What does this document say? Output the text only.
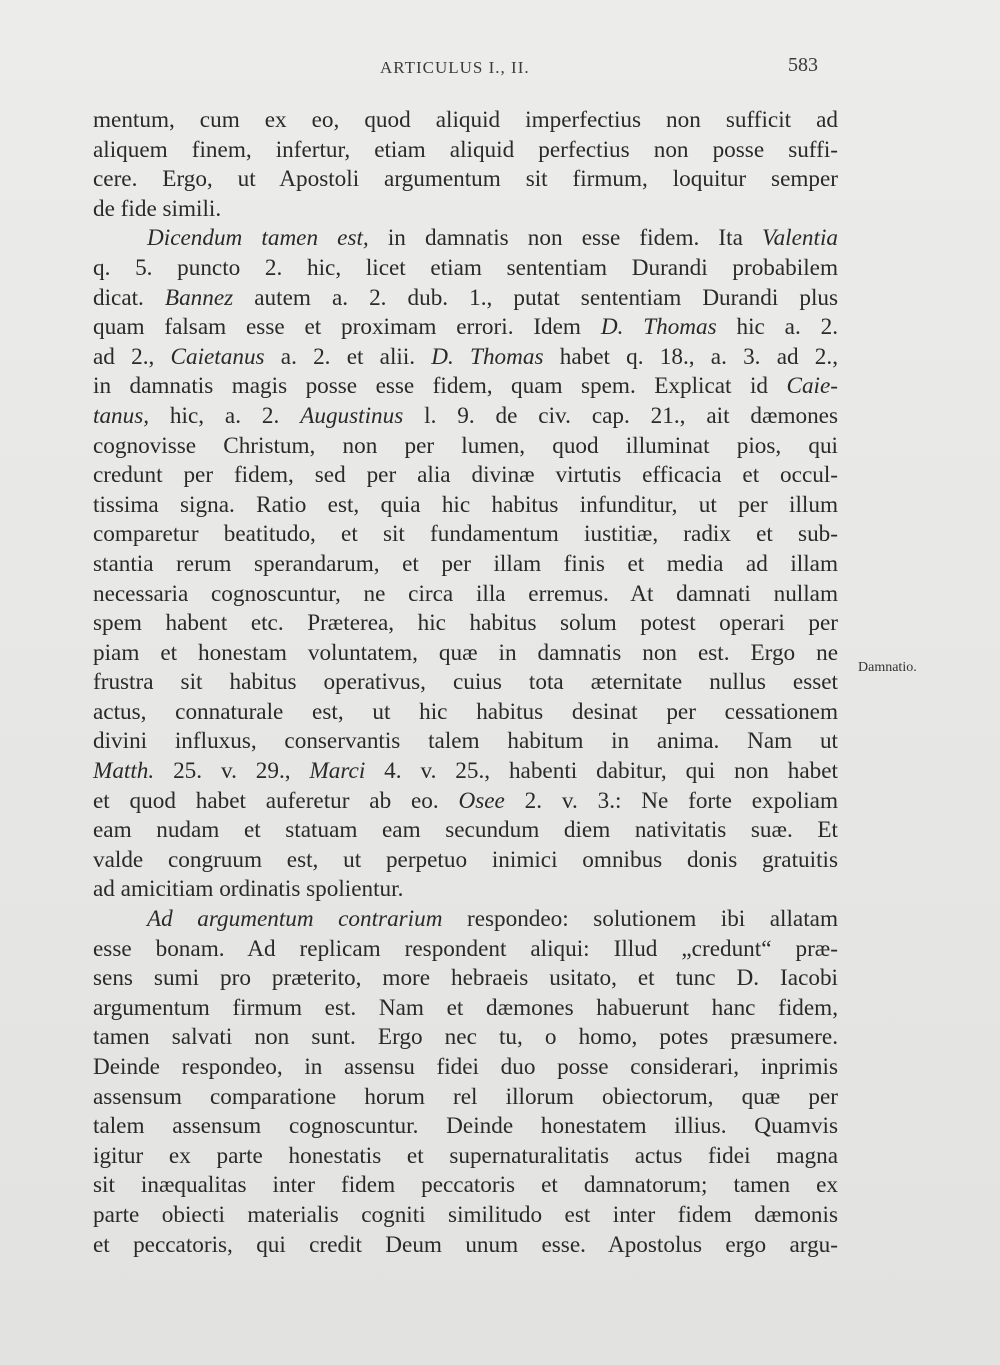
ARTICULUS I., II.	583
mentum, cum ex eo, quod aliquid imperfectius non sufficit ad
aliquem finem, infertur, etiam aliquid perfectius non posse suffi-
cere. Ergo, ut Apostoli argumentum sit firmum, loquitur semper
de fide simili.
Dicendum tamen est, in damnatis non esse fidem. Ita Valentia
q. 5. puncto 2. hic, licet etiam sententiam Durandi probabilem
dicat. Bannez autem a. 2. dub. 1., putat sententiam Durandi plus
quam falsam esse et proximam errori. Idem D. Thomas hic a. 2.
ad 2., Caietanus a. 2. et alii. D. Thomas habet q. 18., a. 3. ad 2.,
in damnatis magis posse esse fidem, quam spem. Explicat id Caie-
tanus, hic, a. 2. Augustinus l. 9. de civ. cap. 21., ait dæmones
cognovisse Christum, non per lumen, quod illuminat pios, qui
credunt per fidem, sed per alia divinæ virtutis efficacia et occul-
tissima signa. Ratio est, quia hic habitus infunditur, ut per illum
comparetur beatitudo, et sit fundamentum iustitiæ, radix et sub-
stantia rerum sperandarum, et per illam finis et media ad illam
necessaria cognoscuntur, ne circa illa erremus. At damnati nullam
spem habent etc. Præterea, hic habitus solum potest operari per
piam et honestam voluntatem, quæ in damnatis non est. Ergo ne
frustra sit habitus operativus, cuius tota æternitate nullus esset
actus, connaturale est, ut hic habitus desinat per cessationem
divini influxus, conservantis talem habitum in anima. Nam ut
Matth. 25. v. 29., Marci 4. v. 25., habenti dabitur, qui non habet
et quod habet auferetur ab eo. Osee 2. v. 3.: Ne forte expoliam
eam nudam et statuam eam secundum diem nativitatis suæ. Et
valde congruum est, ut perpetuo inimici omnibus donis gratuitis
ad amicitiam ordinatis spolientur.
Ad argumentum contrarium respondeo: solutionem ibi allatam
esse bonam. Ad replicam respondent aliqui: Illud „credunt“ præ-
sens sumi pro præterito, more hebraeis usitato, et tunc D. Iacobi
argumentum firmum est. Nam et dæmones habuerunt hanc fidem,
tamen salvati non sunt. Ergo nec tu, o homo, potes præsumere.
Deinde respondeo, in assensu fidei duo posse considerari, inprimis
assensum comparatione horum rel illorum obiectorum, quæ per
talem assensum cognoscuntur. Deinde honestatem illius. Quamvis
igitur ex parte honestatis et supernaturalitatis actus fidei magna
sit inæqualitas inter fidem peccatoris et damnatorum; tamen ex
parte obiecti materialis cogniti similitudo est inter fidem dæmonis
et peccatoris, qui credit Deum unum esse. Apostolus ergo argu-
Damnatio.
